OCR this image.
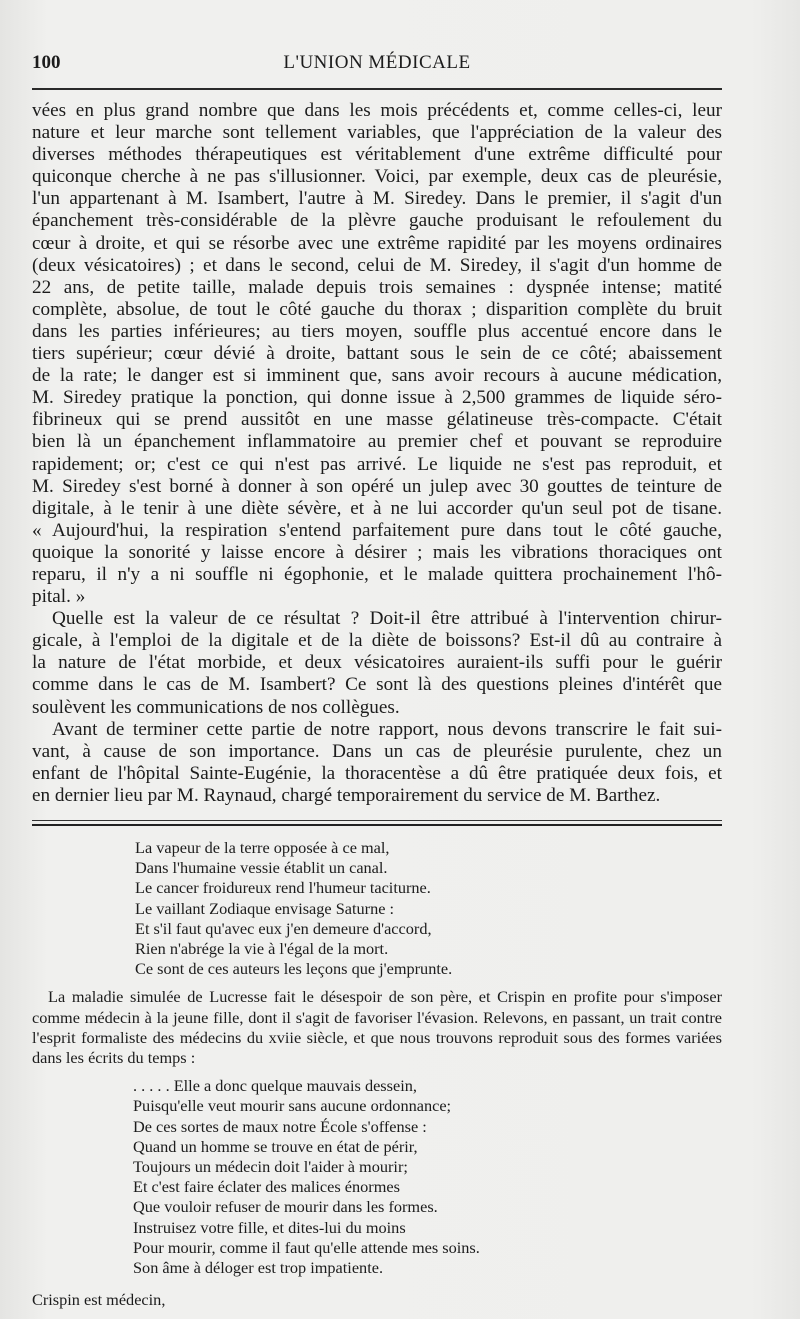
100	L'UNION MÉDICALE

vées en plus grand nombre que dans les mois précédents et, comme celles-ci, leur

nature et leur marche sont tellement variables, que l'appréciation de la valeur des

diverses méthodes thérapeutiques est véritablement d'une extrême difficulté pour

quiconque cherche à ne pas s'illusionner. Voici, par exemple, deux cas de pleurésie,

l'un appartenant à M. Isambert, l'autre à M. Siredey. Dans le premier, il s'agit d'un

épanchement très-considérable de la plèvre gauche produisant le refoulement du

cœur à droite, et qui se résorbe avec une extrême rapidité par les moyens ordinaires

(deux vésicatoires) ; et dans le second, celui de M. Siredey, il s'agit d'un homme de

22 ans, de petite taille, malade depuis trois semaines : dyspnée intense; matité

complète, absolue, de tout le côté gauche du thorax ; disparition complète du bruit

dans les parties inférieures; au tiers moyen, souffle plus accentué encore dans le

tiers supérieur; cœur dévié à droite, battant sous le sein de ce côté; abaissement

de la rate; le danger est si imminent que, sans avoir recours à aucune médication,

M. Siredey pratique la ponction, qui donne issue à 2,500 grammes de liquide séro-

fibrineux qui se prend aussitôt en une masse gélatineuse très-compacte. C'était

bien là un épanchement inflammatoire au premier chef et pouvant se reproduire

rapidement; or; c'est ce qui n'est pas arrivé. Le liquide ne s'est pas reproduit, et

M. Siredey s'est borné à donner à son opéré un julep avec 30 gouttes de teinture de

digitale, à le tenir à une diète sévère, et à ne lui accorder qu'un seul pot de tisane.

« Aujourd'hui, la respiration s'entend parfaitement pure dans tout le côté gauche,

quoique la sonorité y laisse encore à désirer ; mais les vibrations thoraciques ont

reparu, il n'y a ni souffle ni égophonie, et le malade quittera prochainement l'hô-

pital. »

Quelle est la valeur de ce résultat ? Doit-il être attribué à l'intervention chirur-

gicale, à l'emploi de la digitale et de la diète de boissons? Est-il dû au contraire à

la nature de l'état morbide, et deux vésicatoires auraient-ils suffi pour le guérir

comme dans le cas de M. Isambert? Ce sont là des questions pleines d'intérêt que

soulèvent les communications de nos collègues.

Avant de terminer cette partie de notre rapport, nous devons transcrire le fait sui-

vant, à cause de son importance. Dans un cas de pleurésie purulente, chez un

enfant de l'hôpital Sainte-Eugénie, la thoracentèse a dû être pratiquée deux fois, et

en dernier lieu par M. Raynaud, chargé temporairement du service de M. Barthez.

La vapeur de la terre opposée à ce mal,
Dans l'humaine vessie établit un canal.
Le cancer froidureux rend l'humeur taciturne.
Le vaillant Zodiaque envisage Saturne :
Et s'il faut qu'avec eux j'en demeure d'accord,
Rien n'abrége la vie à l'égal de la mort.
Ce sont de ces auteurs les leçons que j'emprunte.

La maladie simulée de Lucresse fait le désespoir de son père, et Crispin en profite pour s'imposer comme médecin à la jeune fille, dont il s'agit de favoriser l'évasion. Relevons, en passant, un trait contre l'esprit formaliste des médecins du xviie siècle, et que nous trouvons reproduit sous des formes variées dans les écrits du temps :

. . . . . Elle a donc quelque mauvais dessein,
Puisqu'elle veut mourir sans aucune ordonnance;
De ces sortes de maux notre École s'offense :
Quand un homme se trouve en état de périr,
Toujours un médecin doit l'aider à mourir;
Et c'est faire éclater des malices énormes
Que vouloir refuser de mourir dans les formes.
Instruisez votre fille, et dites-lui du moins
Pour mourir, comme il faut qu'elle attende mes soins.
Son âme à déloger est trop impatiente.
Crispin est médecin,
